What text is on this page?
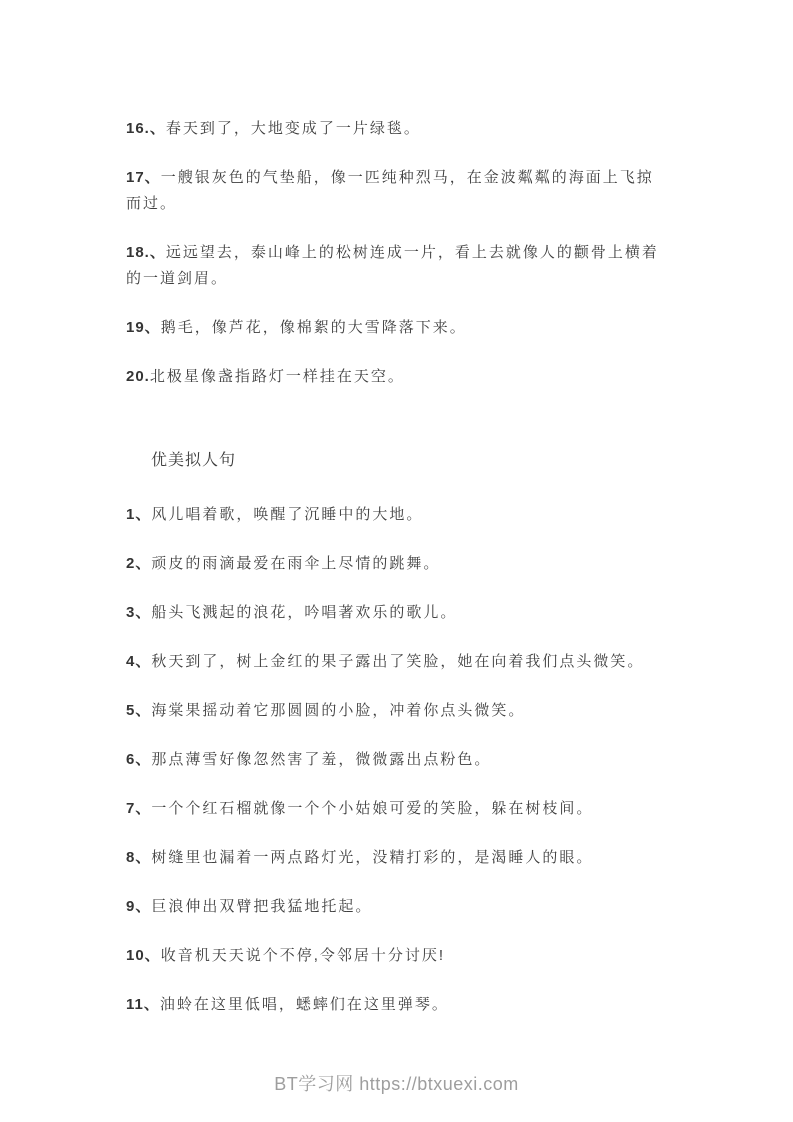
16.、春天到了，大地变成了一片绿毯。

17、一艘银灰色的气垫船，像一匹纯种烈马，在金波粼粼的海面上飞掠而过。

18.、远远望去，泰山峰上的松树连成一片，看上去就像人的颧骨上横着的一道剑眉。

19、鹅毛，像芦花，像棉絮的大雪降落下来。

20.北极星像盏指路灯一样挂在天空。

优美拟人句

1、风儿唱着歌，唤醒了沉睡中的大地。

2、顽皮的雨滴最爱在雨伞上尽情的跳舞。

3、船头飞溅起的浪花，吟唱著欢乐的歌儿。

4、秋天到了，树上金红的果子露出了笑脸，她在向着我们点头微笑。

5、海棠果摇动着它那圆圆的小脸，冲着你点头微笑。

6、那点薄雪好像忽然害了羞，微微露出点粉色。

7、一个个红石榴就像一个个小姑娘可爱的笑脸，躲在树枝间。

8、树缝里也漏着一两点路灯光，没精打彩的，是渴睡人的眼。

9、巨浪伸出双臂把我猛地托起。

10、收音机天天说个不停,令邻居十分讨厌!

11、油蛉在这里低唱，蟋蟀们在这里弹琴。

BT学习网 https://btxuexi.com
